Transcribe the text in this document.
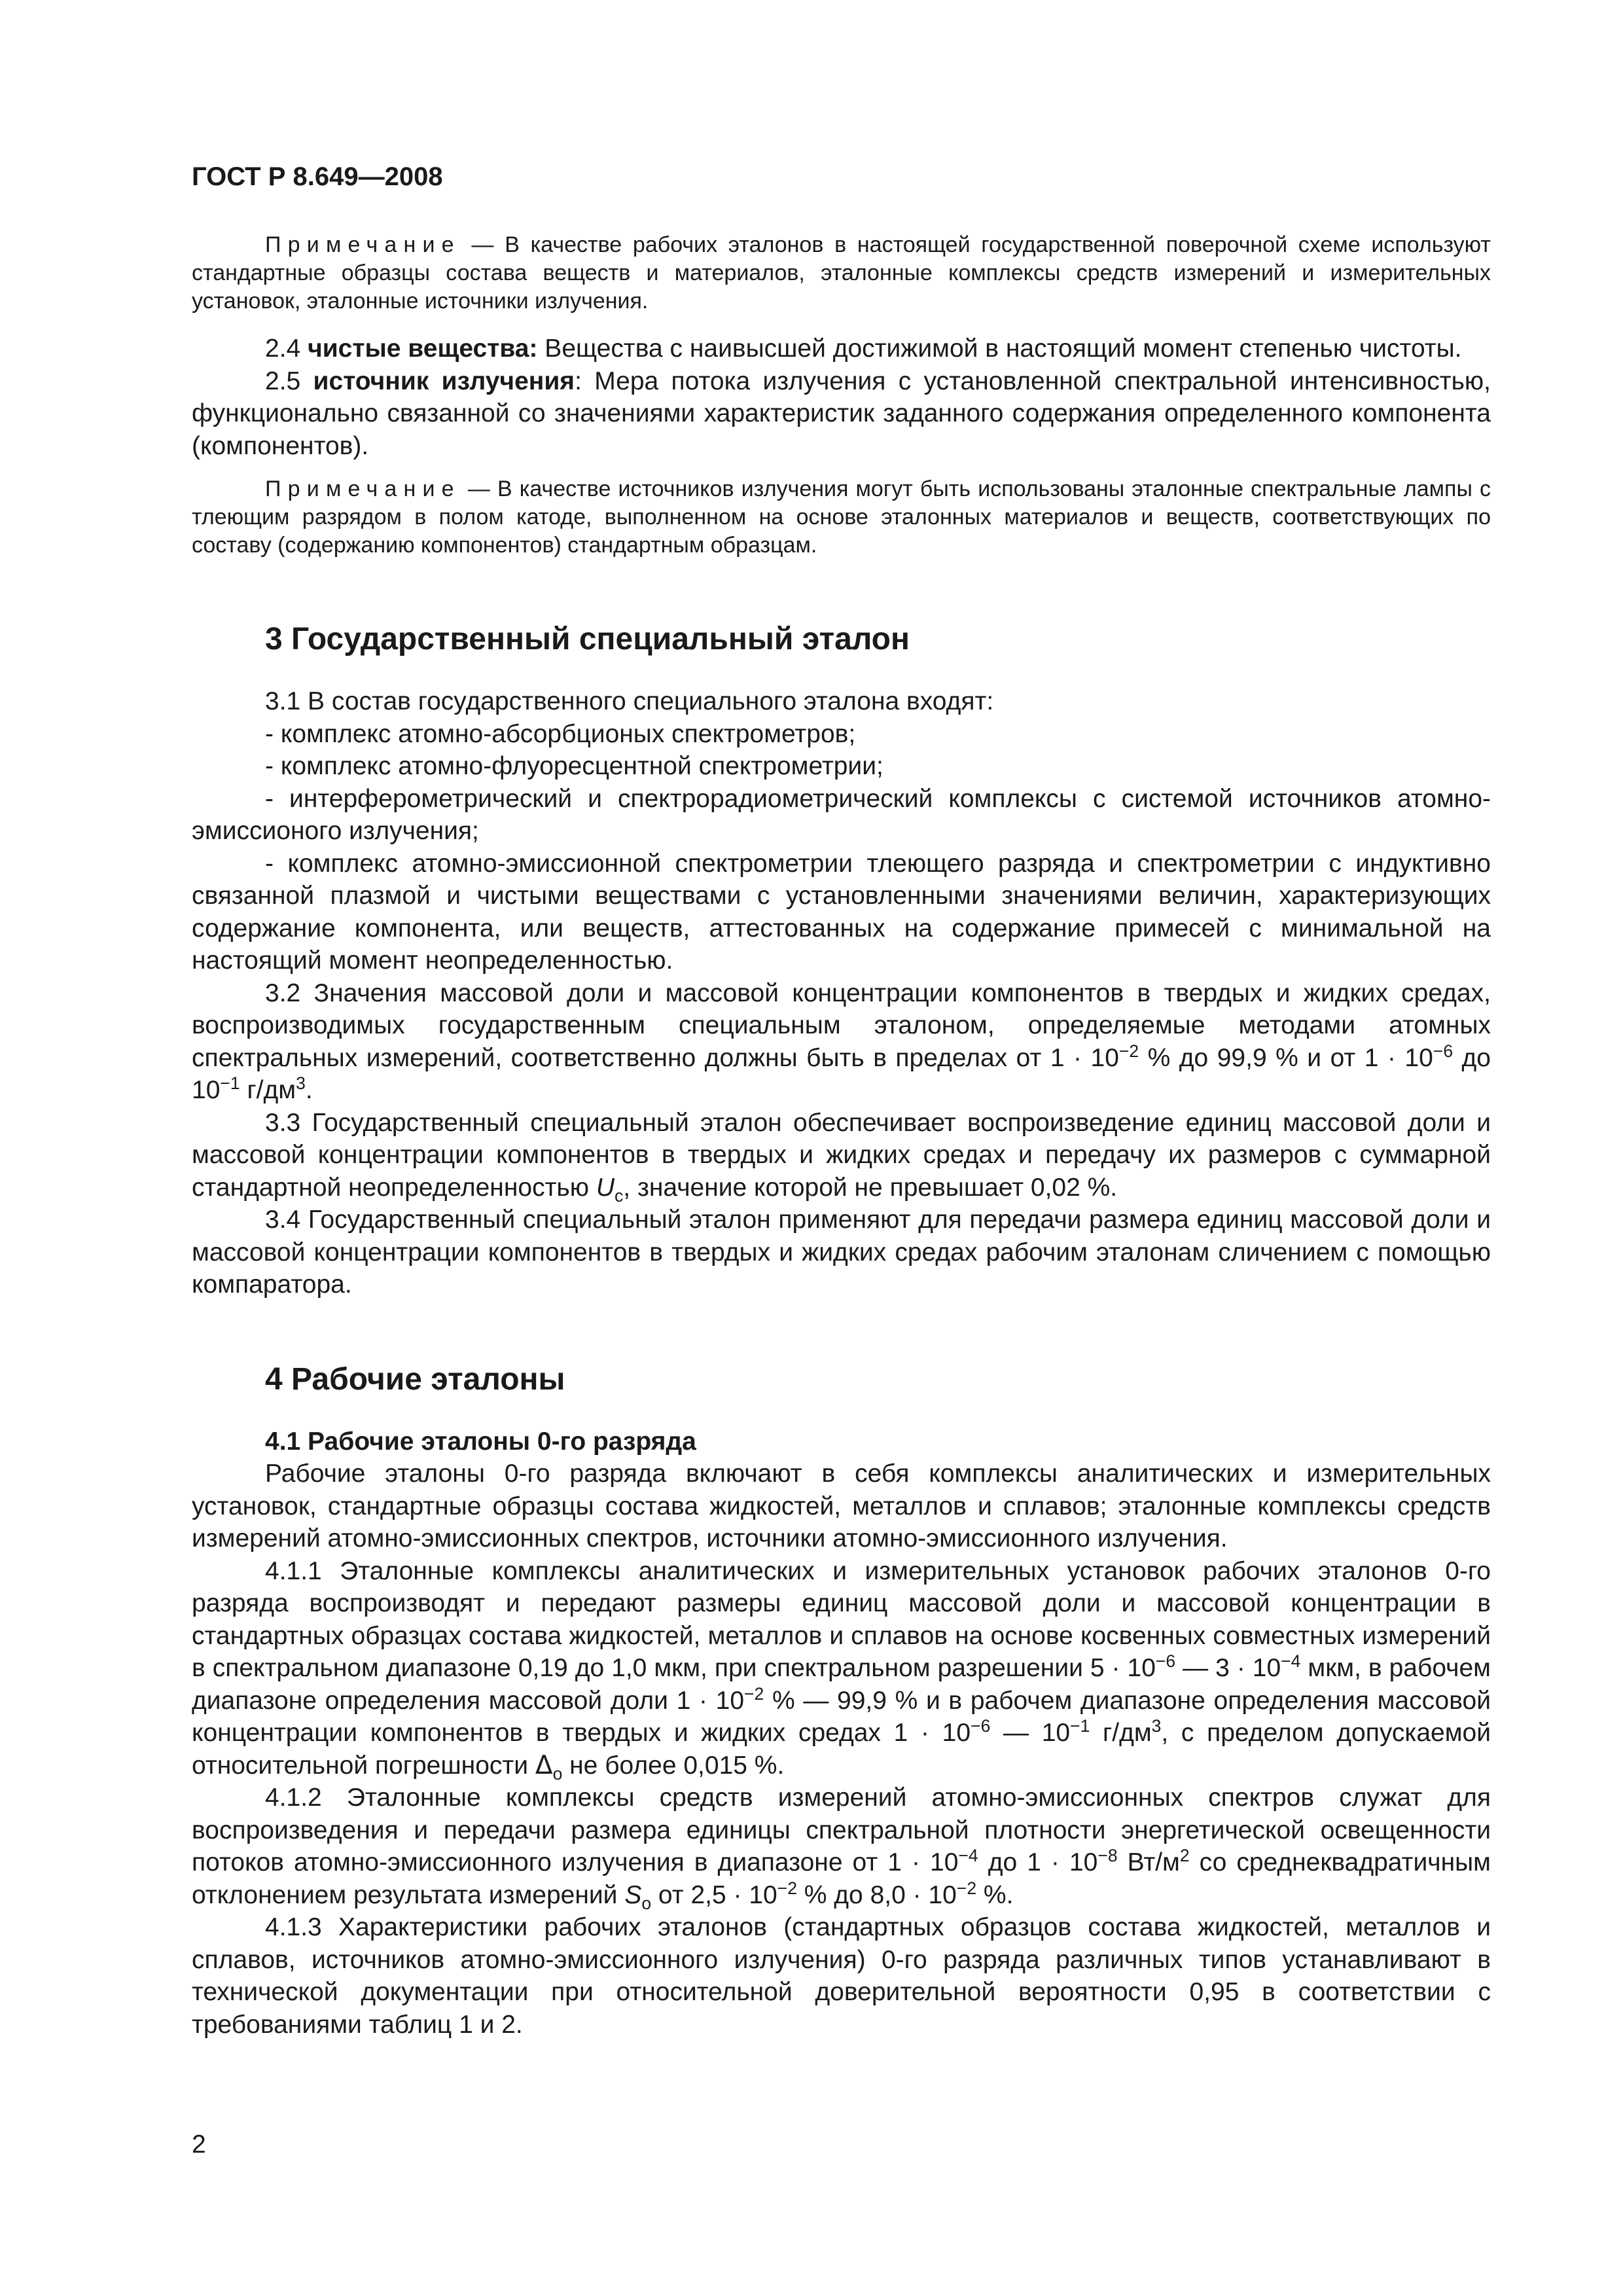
ГОСТ Р 8.649—2008

Примечание — В качестве рабочих эталонов в настоящей государственной поверочной схеме используют стандартные образцы состава веществ и материалов, эталонные комплексы средств измерений и измерительных установок, эталонные источники излучения.

2.4 чистые вещества: Вещества с наивысшей достижимой в настоящий момент степенью чистоты.

2.5 источник излучения: Мера потока излучения с установленной спектральной интенсивностью, функционально связанной со значениями характеристик заданного содержания определенного компонента (компонентов).

Примечание — В качестве источников излучения могут быть использованы эталонные спектральные лампы с тлеющим разрядом в полом катоде, выполненном на основе эталонных материалов и веществ, соответствующих по составу (содержанию компонентов) стандартным образцам.

3 Государственный специальный эталон

3.1 В состав государственного специального эталона входят:

- комплекс атомно-абсорбционых спектрометров;

- комплекс атомно-флуоресцентной спектрометрии;

- интерферометрический и спектрорадиометрический комплексы с системой источников атомно-эмиссионого излучения;

- комплекс атомно-эмиссионной спектрометрии тлеющего разряда и спектрометрии с индуктивно связанной плазмой и чистыми веществами с установленными значениями величин, характеризующих содержание компонента, или веществ, аттестованных на содержание примесей с минимальной на настоящий момент неопределенностью.

3.2 Значения массовой доли и массовой концентрации компонентов в твердых и жидких средах, воспроизводимых государственным специальным эталоном, определяемые методами атомных спектральных измерений, соответственно должны быть в пределах от $1 \cdot 10^{-2}$ % до 99,9 % и от $1 \cdot 10^{-6}$ до $10^{-1}$ $г/дм^3$.

3.3 Государственный специальный эталон обеспечивает воспроизведение единиц массовой доли и массовой концентрации компонентов в твердых и жидких средах и передачу их размеров с суммарной стандартной неопределенностью $U_c$, значение которой не превышает 0,02 %.

3.4 Государственный специальный эталон применяют для передачи размера единиц массовой доли и массовой концентрации компонентов в твердых и жидких средах рабочим эталонам сличением с помощью компаратора.

4 Рабочие эталоны
4.1 Рабочие эталоны 0-го разряда

Рабочие эталоны 0-го разряда включают в себя комплексы аналитических и измерительных установок, стандартные образцы состава жидкостей, металлов и сплавов; эталонные комплексы средств измерений атомно-эмиссионных спектров, источники атомно-эмиссионного излучения.

4.1.1 Эталонные комплексы аналитических и измерительных установок рабочих эталонов 0-го разряда воспроизводят и передают размеры единиц массовой доли и массовой концентрации в стандартных образцах состава жидкостей, металлов и сплавов на основе косвенных совместных измерений в спектральном диапазоне 0,19 до 1,0 мкм, при спектральном разрешении $5 \cdot 10^{-6}$ — $3 \cdot 10^{-4}$ мкм, в рабочем диапазоне определения массовой доли $1 \cdot 10^{-2}$ % — 99,9 % и в рабочем диапазоне определения массовой концентрации компонентов в твердых и жидких средах $1 \cdot 10^{-6}$ — $10^{-1}$ $г/дм^3$, с пределом допускаемой относительной погрешности $\Delta_о$ не более 0,015 %.

4.1.2 Эталонные комплексы средств измерений атомно-эмиссионных спектров служат для воспроизведения и передачи размера единицы спектральной плотности энергетической освещенности потоков атомно-эмиссионного излучения в диапазоне от $1 \cdot 10^{-4}$ до $1 \cdot 10^{-8}$ $Вт/м^2$ со среднеквадратичным отклонением результата измерений $S_о$ от $2,5 \cdot 10^{-2}$ % до $8,0 \cdot 10^{-2}$ %.

4.1.3 Характеристики рабочих эталонов (стандартных образцов состава жидкостей, металлов и сплавов, источников атомно-эмиссионного излучения) 0-го разряда различных типов устанавливают в технической документации при относительной доверительной вероятности 0,95 в соответствии с требованиями таблиц 1 и 2.

2
